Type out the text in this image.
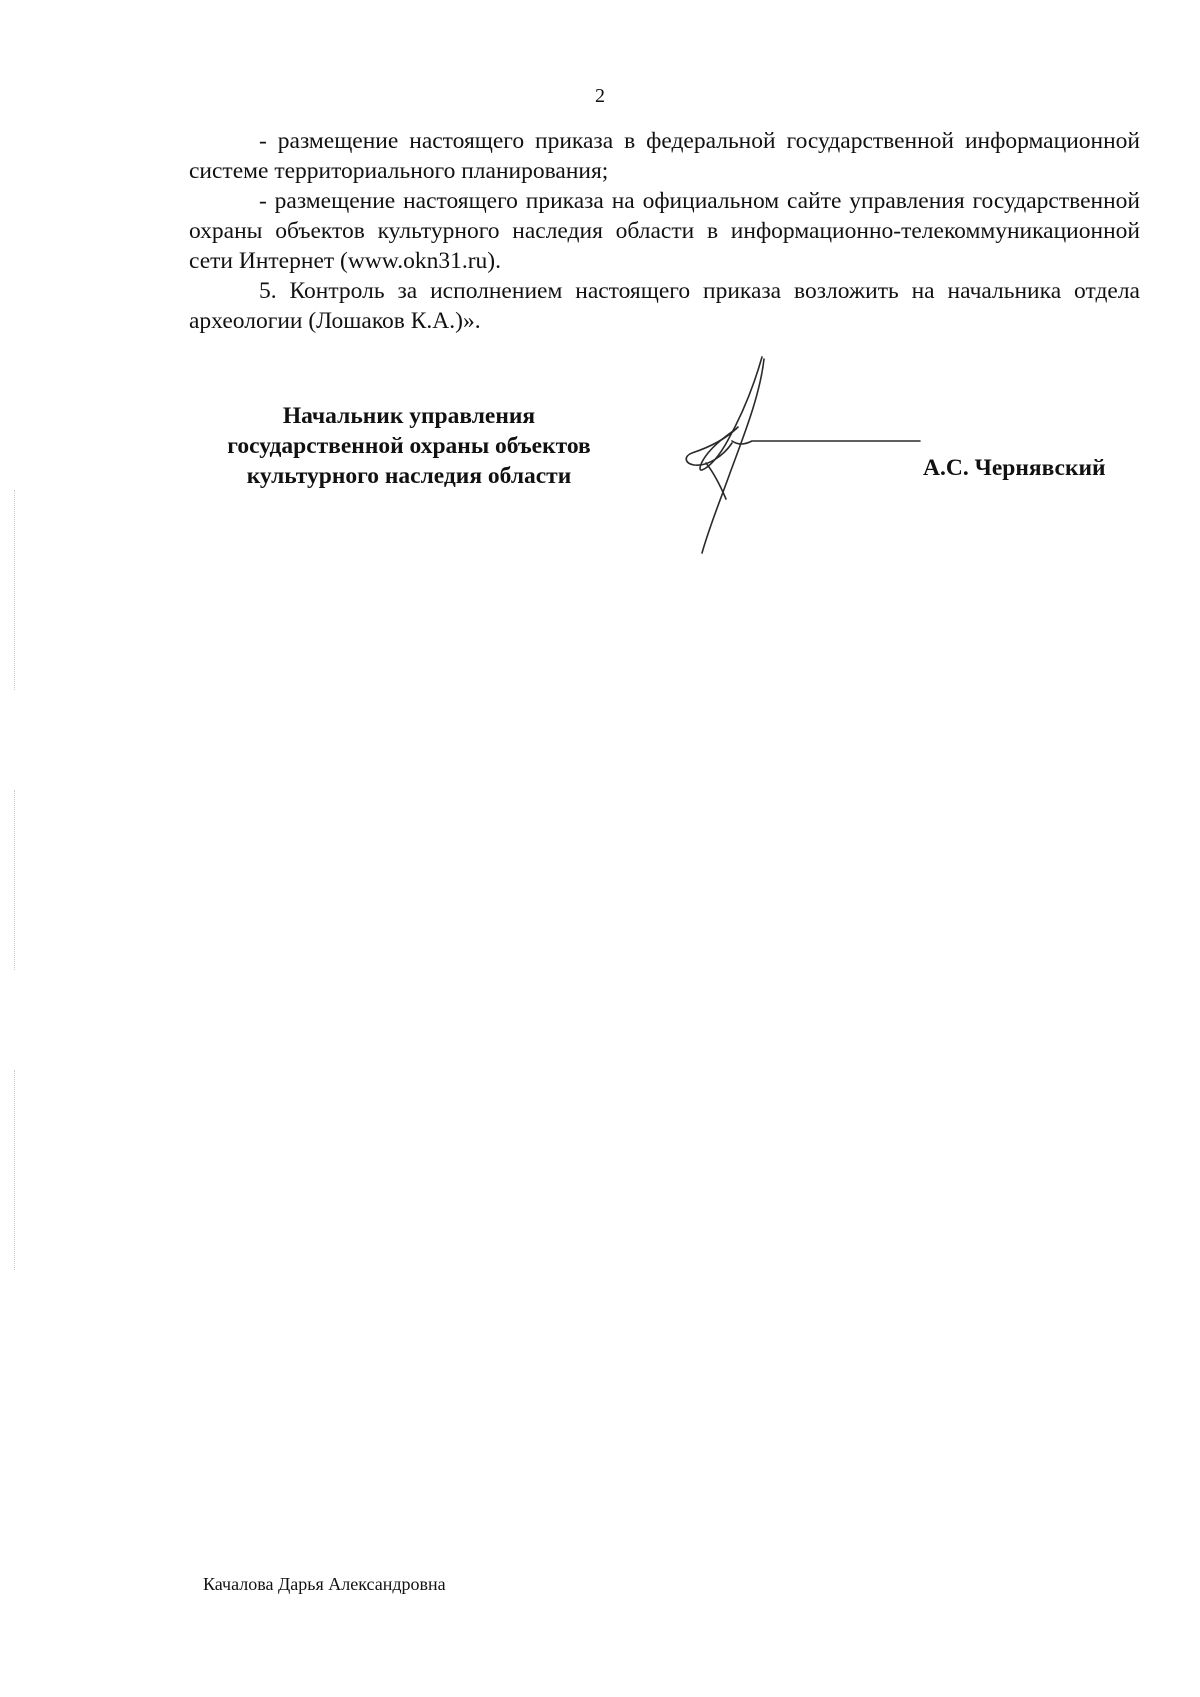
2

- размещение настоящего приказа в федеральной государственной информационной системе территориального планирования;

- размещение настоящего приказа на официальном сайте управления государственной охраны объектов культурного наследия области в информационно-телекоммуникационной сети Интернет (www.okn31.ru).

5. Контроль за исполнением настоящего приказа возложить на начальника отдела археологии (Лошаков К.А.)».

Начальник управления
государственной охраны объектов
культурного наследия области	А.С. Чернявский
Качалова Дарья Александровна
